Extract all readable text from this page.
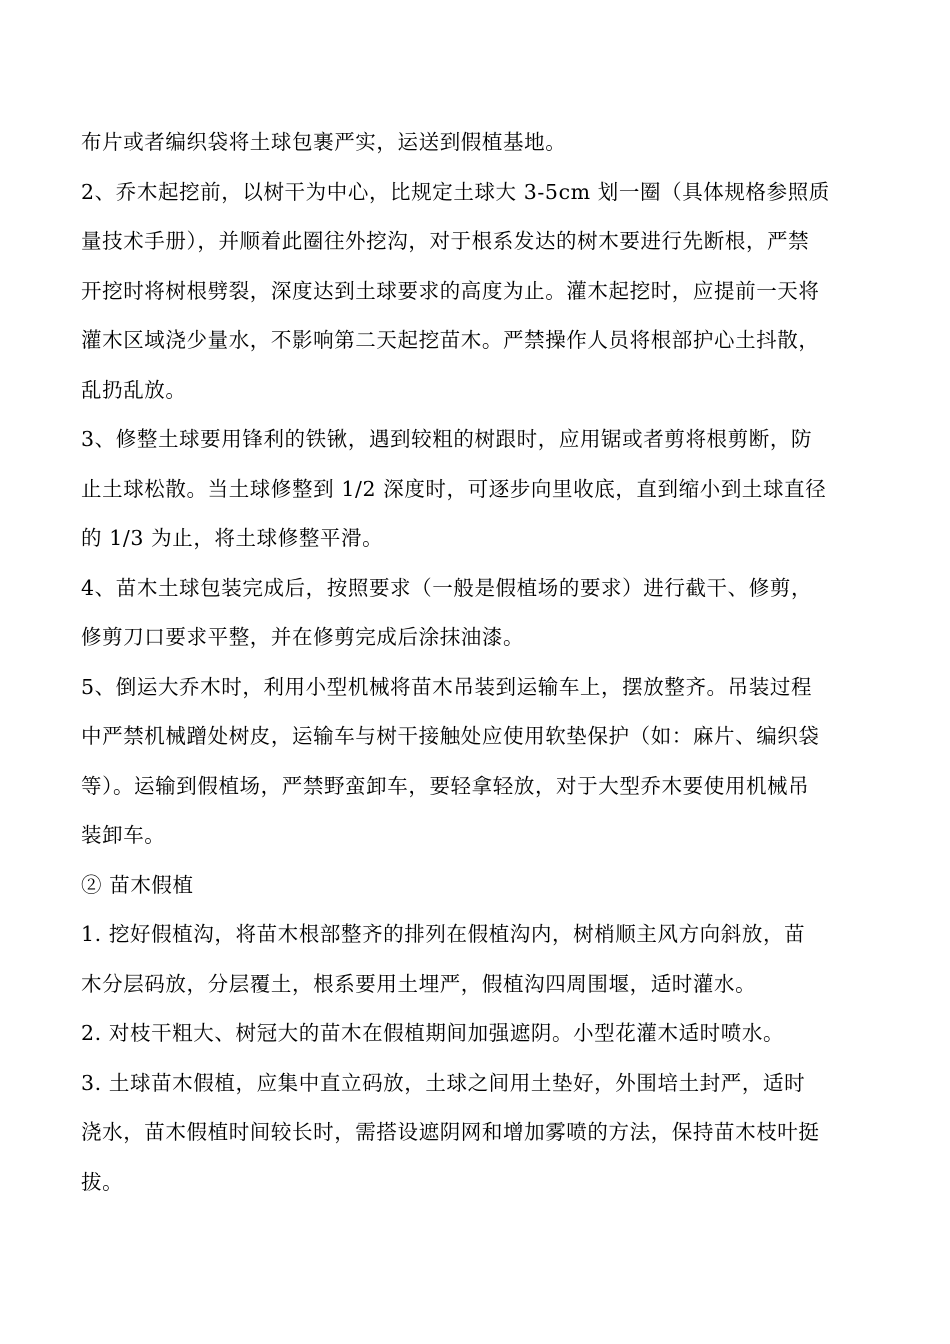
布片或者编织袋将土球包裹严实，运送到假植基地。

2、乔木起挖前，以树干为中心，比规定土球大 3-5cm 划一圈（具体规格参照质
量技术手册），并顺着此圈往外挖沟，对于根系发达的树木要进行先断根，严禁
开挖时将树根劈裂，深度达到土球要求的高度为止。灌木起挖时，应提前一天将
灌木区域浇少量水，不影响第二天起挖苗木。严禁操作人员将根部护心土抖散，
乱扔乱放。

3、修整土球要用锋利的铁锹，遇到较粗的树跟时，应用锯或者剪将根剪断，防
止土球松散。当土球修整到 1/2 深度时，可逐步向里收底，直到缩小到土球直径
的 1/3 为止，将土球修整平滑。

4、苗木土球包装完成后，按照要求（一般是假植场的要求）进行截干、修剪，
修剪刀口要求平整，并在修剪完成后涂抹油漆。

5、倒运大乔木时，利用小型机械将苗木吊装到运输车上，摆放整齐。吊装过程
中严禁机械蹭处树皮，运输车与树干接触处应使用软垫保护（如：麻片、编织袋
等）。运输到假植场，严禁野蛮卸车，要轻拿轻放，对于大型乔木要使用机械吊
装卸车。

② 苗木假植

1. 挖好假植沟，将苗木根部整齐的排列在假植沟内，树梢顺主风方向斜放，苗
木分层码放，分层覆土，根系要用土埋严，假植沟四周围堰，适时灌水。

2. 对枝干粗大、树冠大的苗木在假植期间加强遮阴。小型花灌木适时喷水。

3. 土球苗木假植，应集中直立码放，土球之间用土垫好，外围培土封严，适时
浇水，苗木假植时间较长时，需搭设遮阴网和增加雾喷的方法，保持苗木枝叶挺
拔。
